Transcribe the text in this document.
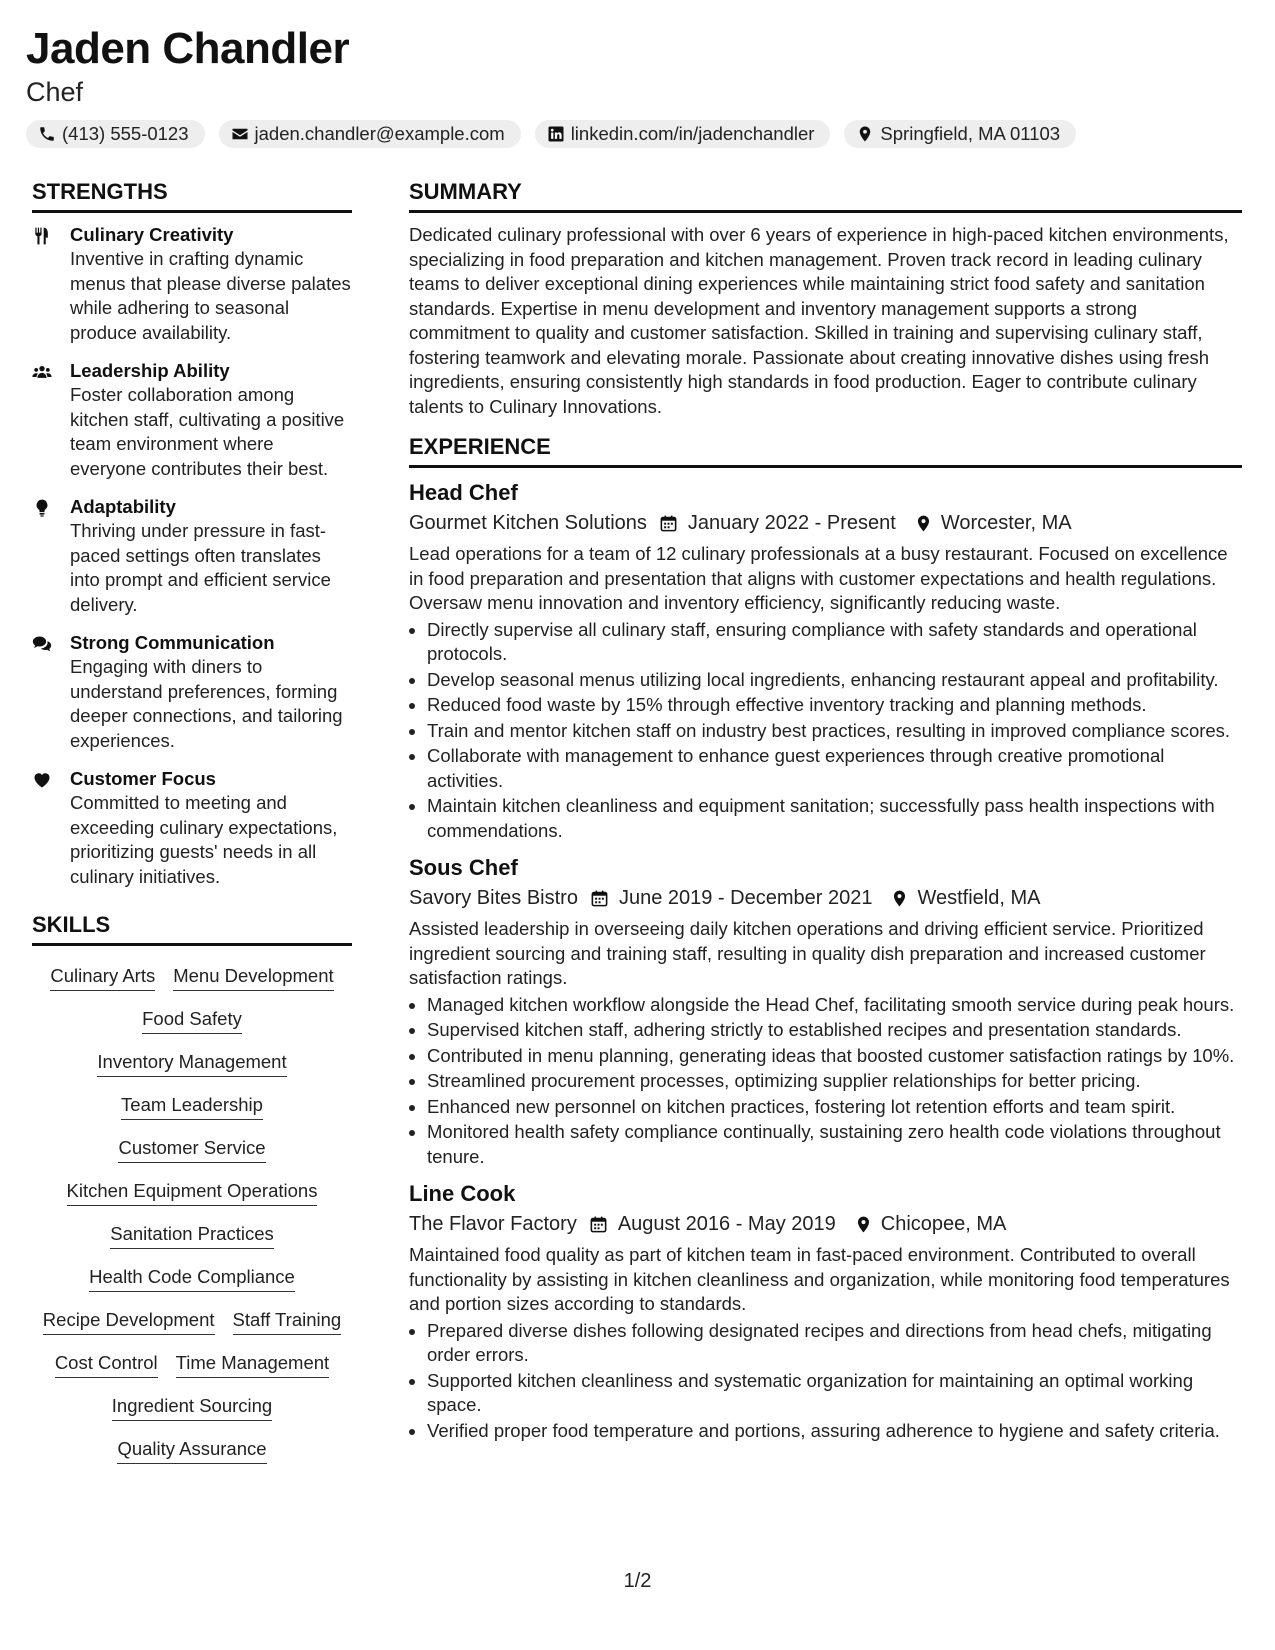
Jaden Chandler
Chef
(413) 555-0123	jaden.chandler@example.com	linkedin.com/in/jadenchandler	Springfield, MA 01103
STRENGTHS
Culinary Creativity
Inventive in crafting dynamic menus that please diverse palates while adhering to seasonal produce availability.
Leadership Ability
Foster collaboration among kitchen staff, cultivating a positive team environment where everyone contributes their best.
Adaptability
Thriving under pressure in fast-paced settings often translates into prompt and efficient service delivery.
Strong Communication
Engaging with diners to understand preferences, forming deeper connections, and tailoring experiences.
Customer Focus
Committed to meeting and exceeding culinary expectations, prioritizing guests' needs in all culinary initiatives.
SKILLS
Culinary Arts Menu Development
Food Safety
Inventory Management
Team Leadership
Customer Service
Kitchen Equipment Operations
Sanitation Practices
Health Code Compliance
Recipe Development Staff Training
Cost Control Time Management
Ingredient Sourcing
Quality Assurance
SUMMARY
Dedicated culinary professional with over 6 years of experience in high-paced kitchen environments, specializing in food preparation and kitchen management. Proven track record in leading culinary teams to deliver exceptional dining experiences while maintaining strict food safety and sanitation standards. Expertise in menu development and inventory management supports a strong commitment to quality and customer satisfaction. Skilled in training and supervising culinary staff, fostering teamwork and elevating morale. Passionate about creating innovative dishes using fresh ingredients, ensuring consistently high standards in food production. Eager to contribute culinary talents to Culinary Innovations.
EXPERIENCE
Head Chef
Gourmet Kitchen Solutions January 2022 - Present Worcester, MA
Lead operations for a team of 12 culinary professionals at a busy restaurant. Focused on excellence in food preparation and presentation that aligns with customer expectations and health regulations. Oversaw menu innovation and inventory efficiency, significantly reducing waste.
• Directly supervise all culinary staff, ensuring compliance with safety standards and operational protocols.
• Develop seasonal menus utilizing local ingredients, enhancing restaurant appeal and profitability.
• Reduced food waste by 15% through effective inventory tracking and planning methods.
• Train and mentor kitchen staff on industry best practices, resulting in improved compliance scores.
• Collaborate with management to enhance guest experiences through creative promotional activities.
• Maintain kitchen cleanliness and equipment sanitation; successfully pass health inspections with commendations.
Sous Chef
Savory Bites Bistro June 2019 - December 2021 Westfield, MA
Assisted leadership in overseeing daily kitchen operations and driving efficient service. Prioritized ingredient sourcing and training staff, resulting in quality dish preparation and increased customer satisfaction ratings.
• Managed kitchen workflow alongside the Head Chef, facilitating smooth service during peak hours.
• Supervised kitchen staff, adhering strictly to established recipes and presentation standards.
• Contributed in menu planning, generating ideas that boosted customer satisfaction ratings by 10%.
• Streamlined procurement processes, optimizing supplier relationships for better pricing.
• Enhanced new personnel on kitchen practices, fostering lot retention efforts and team spirit.
• Monitored health safety compliance continually, sustaining zero health code violations throughout tenure.
Line Cook
The Flavor Factory August 2016 - May 2019 Chicopee, MA
Maintained food quality as part of kitchen team in fast-paced environment. Contributed to overall functionality by assisting in kitchen cleanliness and organization, while monitoring food temperatures and portion sizes according to standards.
• Prepared diverse dishes following designated recipes and directions from head chefs, mitigating order errors.
• Supported kitchen cleanliness and systematic organization for maintaining an optimal working space.
• Verified proper food temperature and portions, assuring adherence to hygiene and safety criteria.
1/2
